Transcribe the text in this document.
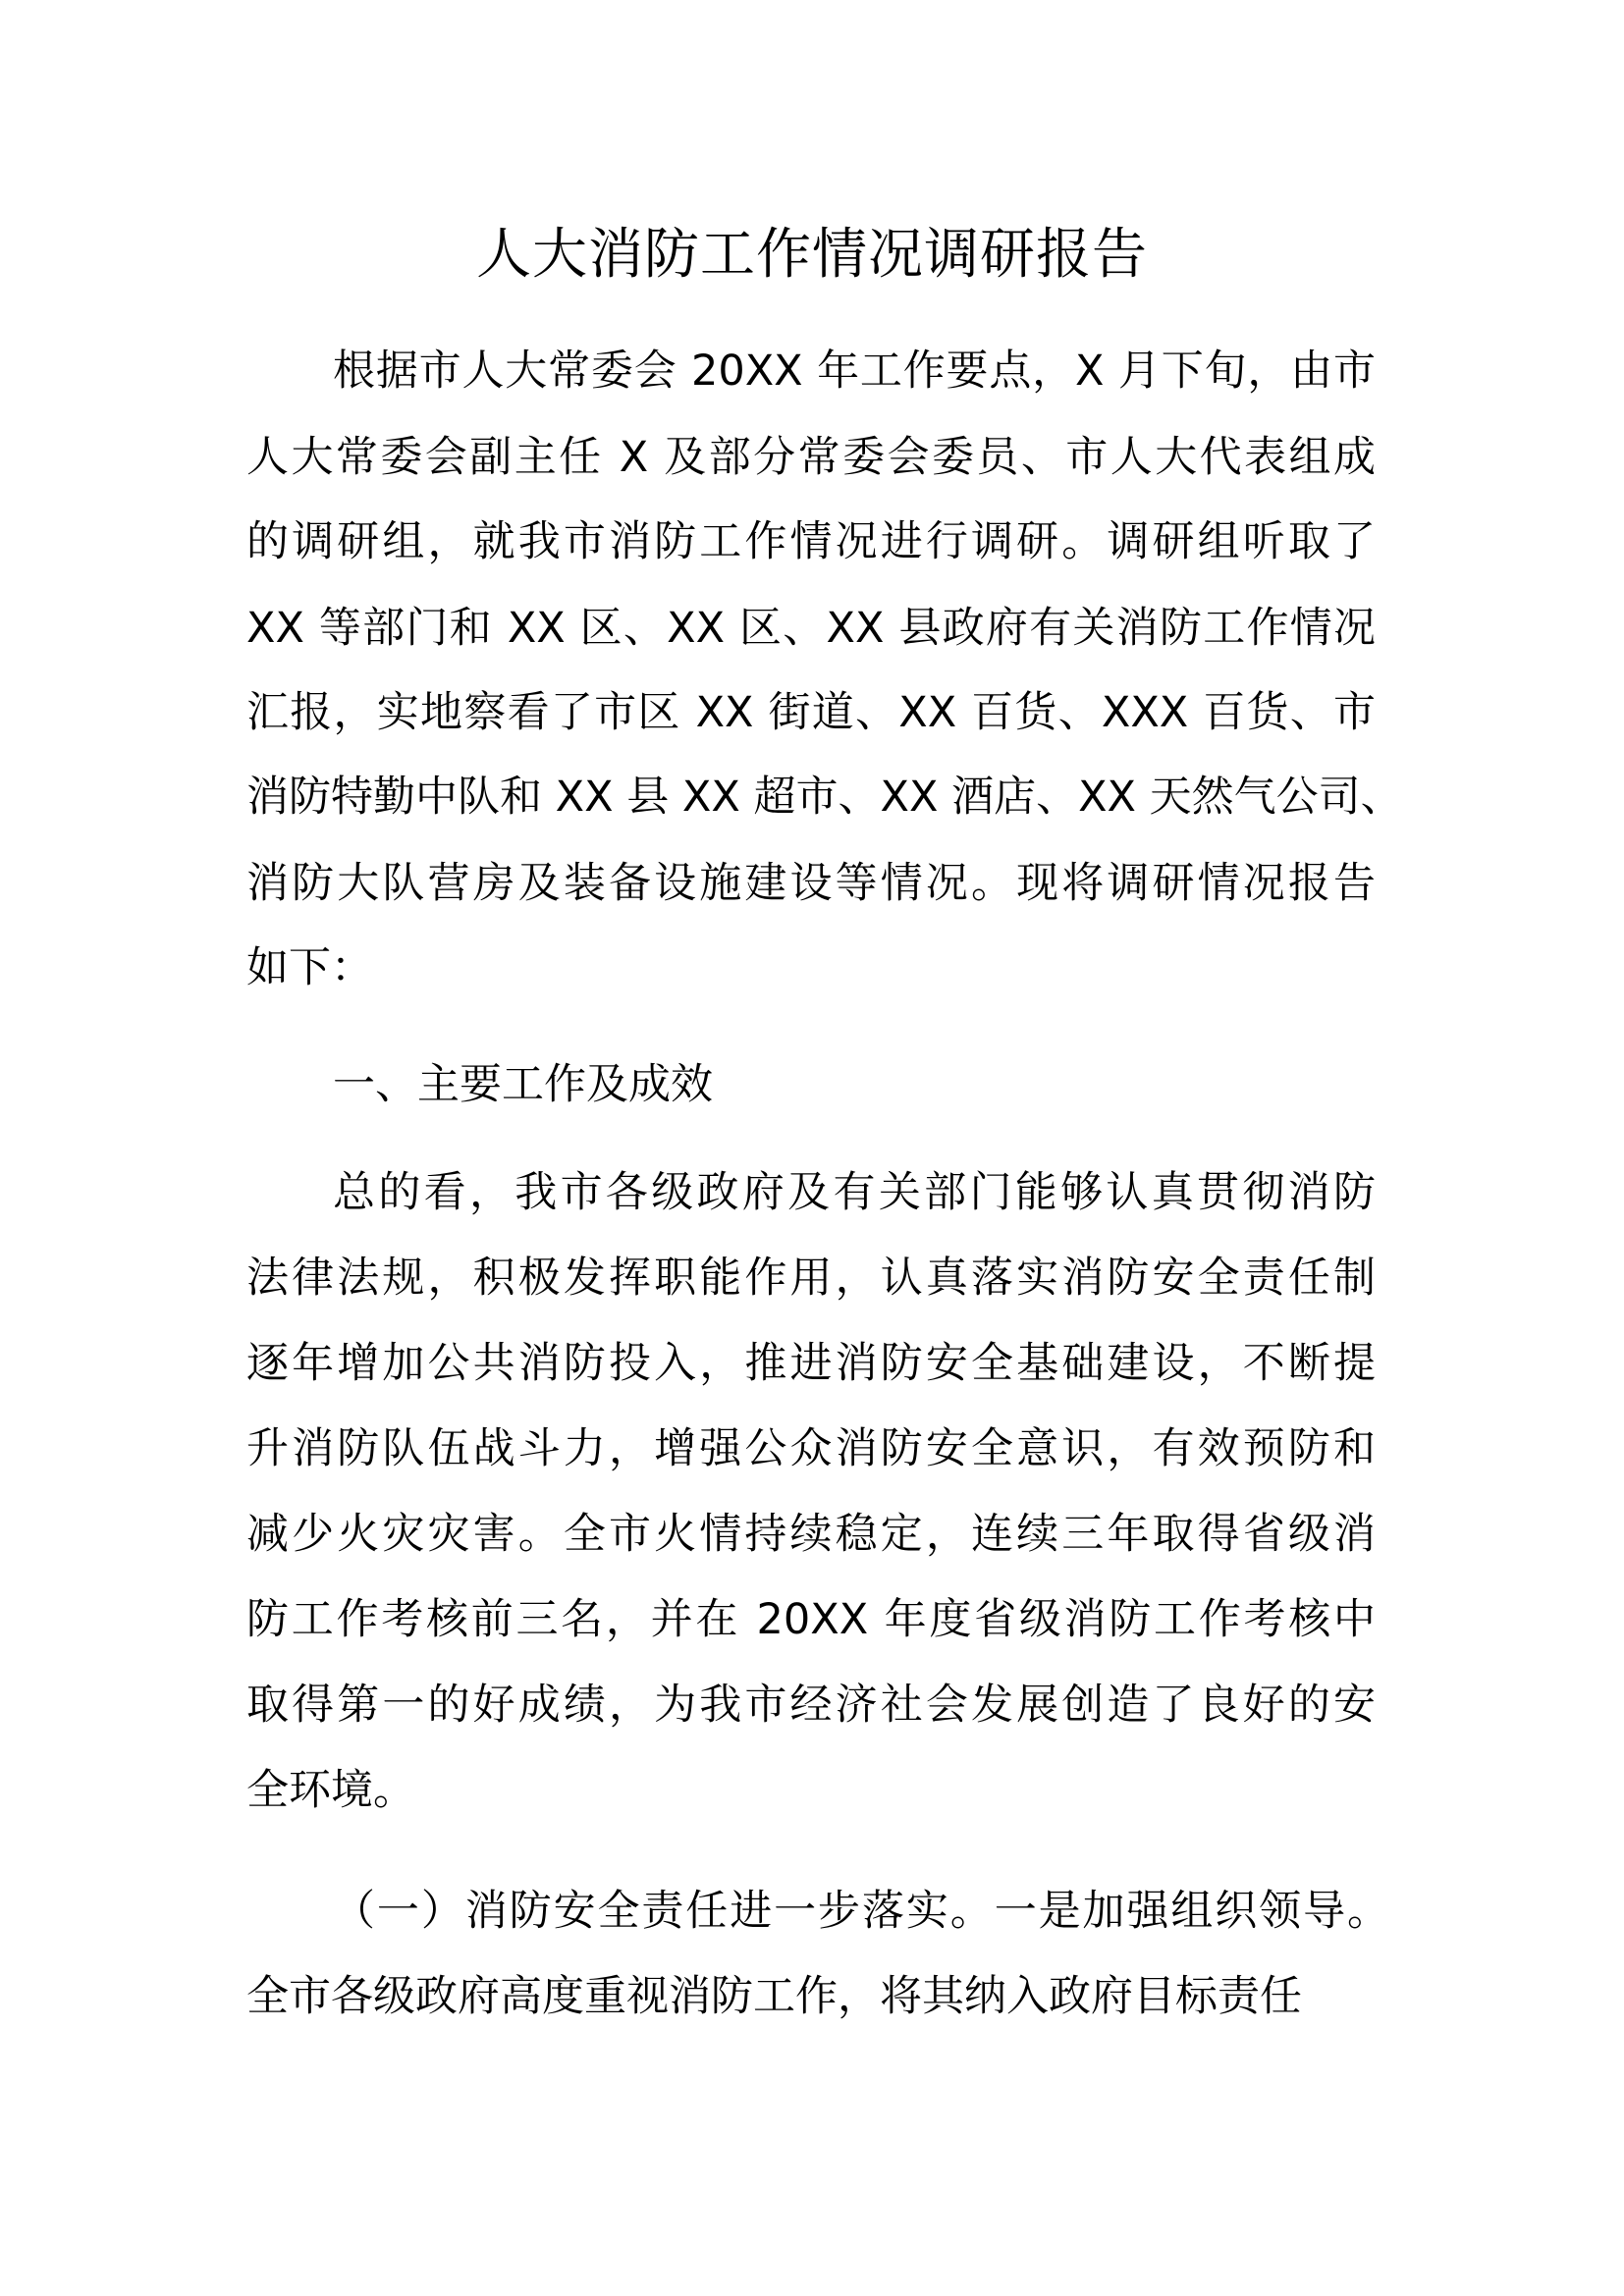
人大消防工作情况调研报告
根据市人大常委会 20XX 年工作要点，X 月下旬，由市
人大常委会副主任 X 及部分常委会委员、市人大代表组成
的调研组，就我市消防工作情况进行调研。调研组听取了
XX 等部门和 XX 区、XX 区、XX 县政府有关消防工作情况
汇报，实地察看了市区 XX 街道、XX 百货、XXX 百货、市
消防特勤中队和 XX 县 XX 超市、XX 酒店、XX 天然气公司、
消防大队营房及装备设施建设等情况。现将调研情况报告
如下：
一、主要工作及成效
总的看，我市各级政府及有关部门能够认真贯彻消防
法律法规，积极发挥职能作用，认真落实消防安全责任制
逐年增加公共消防投入，推进消防安全基础建设，不断提
升消防队伍战斗力，增强公众消防安全意识，有效预防和
减少火灾灾害。全市火情持续稳定，连续三年取得省级消
防工作考核前三名，并在 20XX 年度省级消防工作考核中
取得第一的好成绩，为我市经济社会发展创造了良好的安
全环境。
（一）消防安全责任进一步落实。一是加强组织领导。
全市各级政府高度重视消防工作，将其纳入政府目标责任
